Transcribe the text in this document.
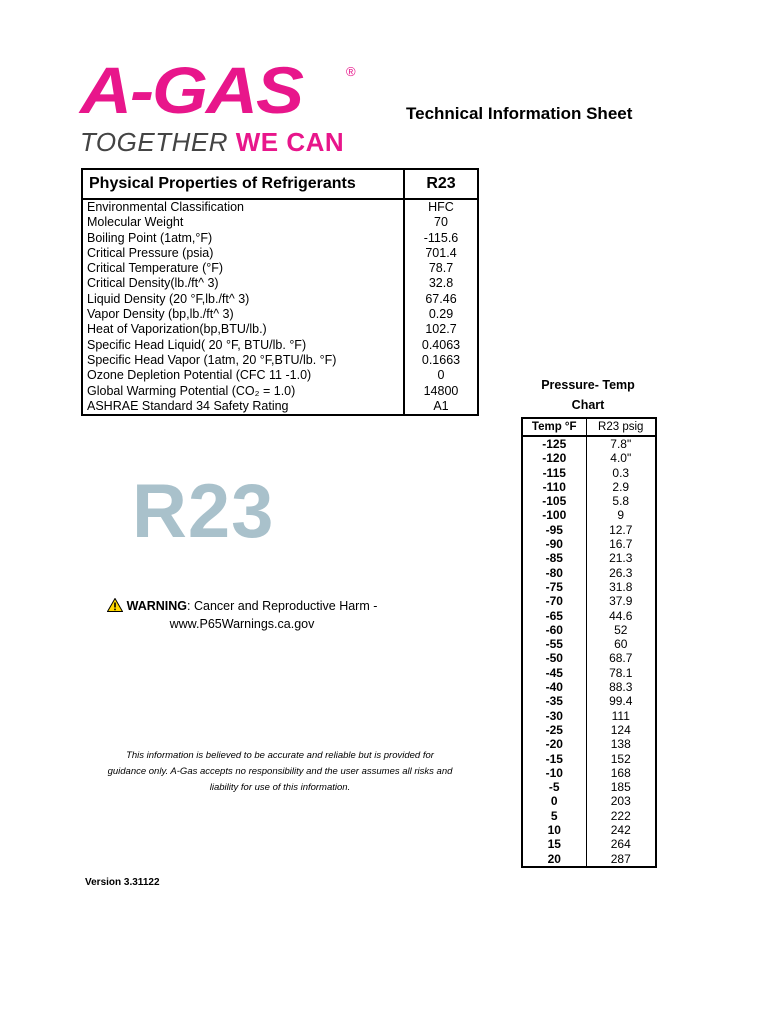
A-GAS	®
TOGETHER WE CAN
Technical Information Sheet
Physical Properties of Refrigerants	R23
Environmental Classification	HFC
Molecular Weight	70
Boiling Point (1atm,°F)	-115.6
Critical Pressure (psia)	701.4
Critical Temperature (°F)	78.7
Critical Density(lb./ft^ 3)	32.8
Liquid Density (20 °F,lb./ft^ 3)	67.46
Vapor Density (bp,lb./ft^ 3)	0.29
Heat of Vaporization(bp,BTU/lb.)	102.7
Specific Head Liquid( 20 °F, BTU/lb. °F)	0.4063
Specific Head Vapor (1atm, 20 °F,BTU/lb. °F)	0.1663
Ozone Depletion Potential (CFC 11 -1.0)	0
Global Warming Potential (CO₂ = 1.0)	14800
ASHRAE Standard 34 Safety Rating	A1
R23
WARNING: Cancer and Reproductive Harm -
www.P65Warnings.ca.gov
This information is believed to be accurate and reliable but is provided for
guidance only. A-Gas accepts no responsibility and the user assumes all risks and
liability for use of this information.
Version 3.31122
Pressure- Temp
Chart
Temp °F	R23 psig
-125	7.8"
-120	4.0"
-115	0.3
-110	2.9
-105	5.8
-100	9
-95	12.7
-90	16.7
-85	21.3
-80	26.3
-75	31.8
-70	37.9
-65	44.6
-60	52
-55	60
-50	68.7
-45	78.1
-40	88.3
-35	99.4
-30	111
-25	124
-20	138
-15	152
-10	168
-5	185
0	203
5	222
10	242
15	264
20	287
